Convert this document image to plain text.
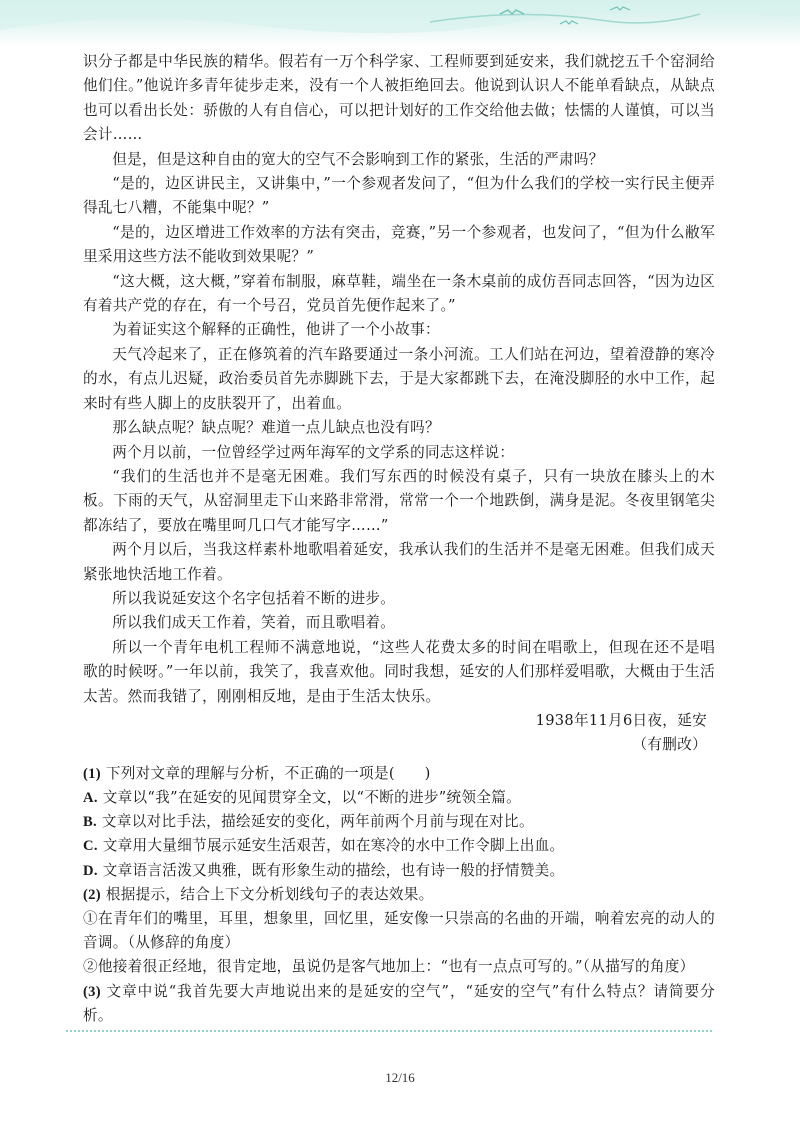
识分子都是中华民族的精华。假若有一万个科学家、工程师要到延安来，我们就挖五千个窑洞给他们住。”他说许多青年徒步走来，没有一个人被拒绝回去。他说到认识人不能单看缺点，从缺点也可以看出长处：骄傲的人有自信心，可以把计划好的工作交给他去做；怯懦的人谨慎，可以当会计……

但是，但是这种自由的宽大的空气不会影响到工作的紧张，生活的严肃吗？

“是的，边区讲民主，又讲集中，”一个参观者发问了，“但为什么我们的学校一实行民主便弄得乱七八糟，不能集中呢？”

“是的，边区增进工作效率的方法有突击，竞赛，”另一个参观者，也发问了，“但为什么敝军里采用这些方法不能收到效果呢？”

“这大概，这大概，”穿着布制服，麻草鞋，端坐在一条木桌前的成仿吾同志回答，“因为边区有着共产党的存在，有一个号召，党员首先便作起来了。”

为着证实这个解释的正确性，他讲了一个小故事：

天气冷起来了，正在修筑着的汽车路要通过一条小河流。工人们站在河边，望着澄静的寒冷的水，有点儿迟疑，政治委员首先赤脚跳下去，于是大家都跳下去，在淹没脚胫的水中工作，起来时有些人脚上的皮肤裂开了，出着血。

那么缺点呢？缺点呢？难道一点儿缺点也没有吗？

两个月以前，一位曾经学过两年海军的文学系的同志这样说：

“我们的生活也并不是毫无困难。我们写东西的时候没有桌子，只有一块放在膝头上的木板。下雨的天气，从窑洞里走下山来路非常滑，常常一个一个地跌倒，满身是泥。冬夜里钢笔尖都冻结了，要放在嘴里呵几口气才能写字……”

两个月以后，当我这样素朴地歌唱着延安，我承认我们的生活并不是毫无困难。但我们成天紧张地快活地工作着。

所以我说延安这个名字包括着不断的进步。

所以我们成天工作着，笑着，而且歌唱着。

所以一个青年电机工程师不满意地说，“这些人花费太多的时间在唱歌上，但现在还不是唱歌的时候呀。”一年以前，我笑了，我喜欢他。同时我想，延安的人们那样爱唱歌，大概由于生活太苦。然而我错了，刚刚相反地，是由于生活太快乐。

1938年11月6日夜，延安

（有删改）

(1) 下列对文章的理解与分析，不正确的一项是(　　)

A. 文章以“我”在延安的见闻贯穿全文，以“不断的进步”统领全篇。

B. 文章以对比手法，描绘延安的变化，两年前两个月前与现在对比。

C. 文章用大量细节展示延安生活艰苦，如在寒冷的水中工作令脚上出血。

D. 文章语言活泼又典雅，既有形象生动的描绘，也有诗一般的抒情赞美。

(2) 根据提示，结合上下文分析划线句子的表达效果。

①在青年们的嘴里，耳里，想象里，回忆里，延安像一只崇高的名曲的开端，响着宏亮的动人的音调。（从修辞的角度）

②他接着很正经地，很肯定地，虽说仍是客气地加上：“也有一点点可写的。”（从描写的角度）

(3) 文章中说“我首先要大声地说出来的是延安的空气”，“延安的空气”有什么特点？请简要分析。

12/16
